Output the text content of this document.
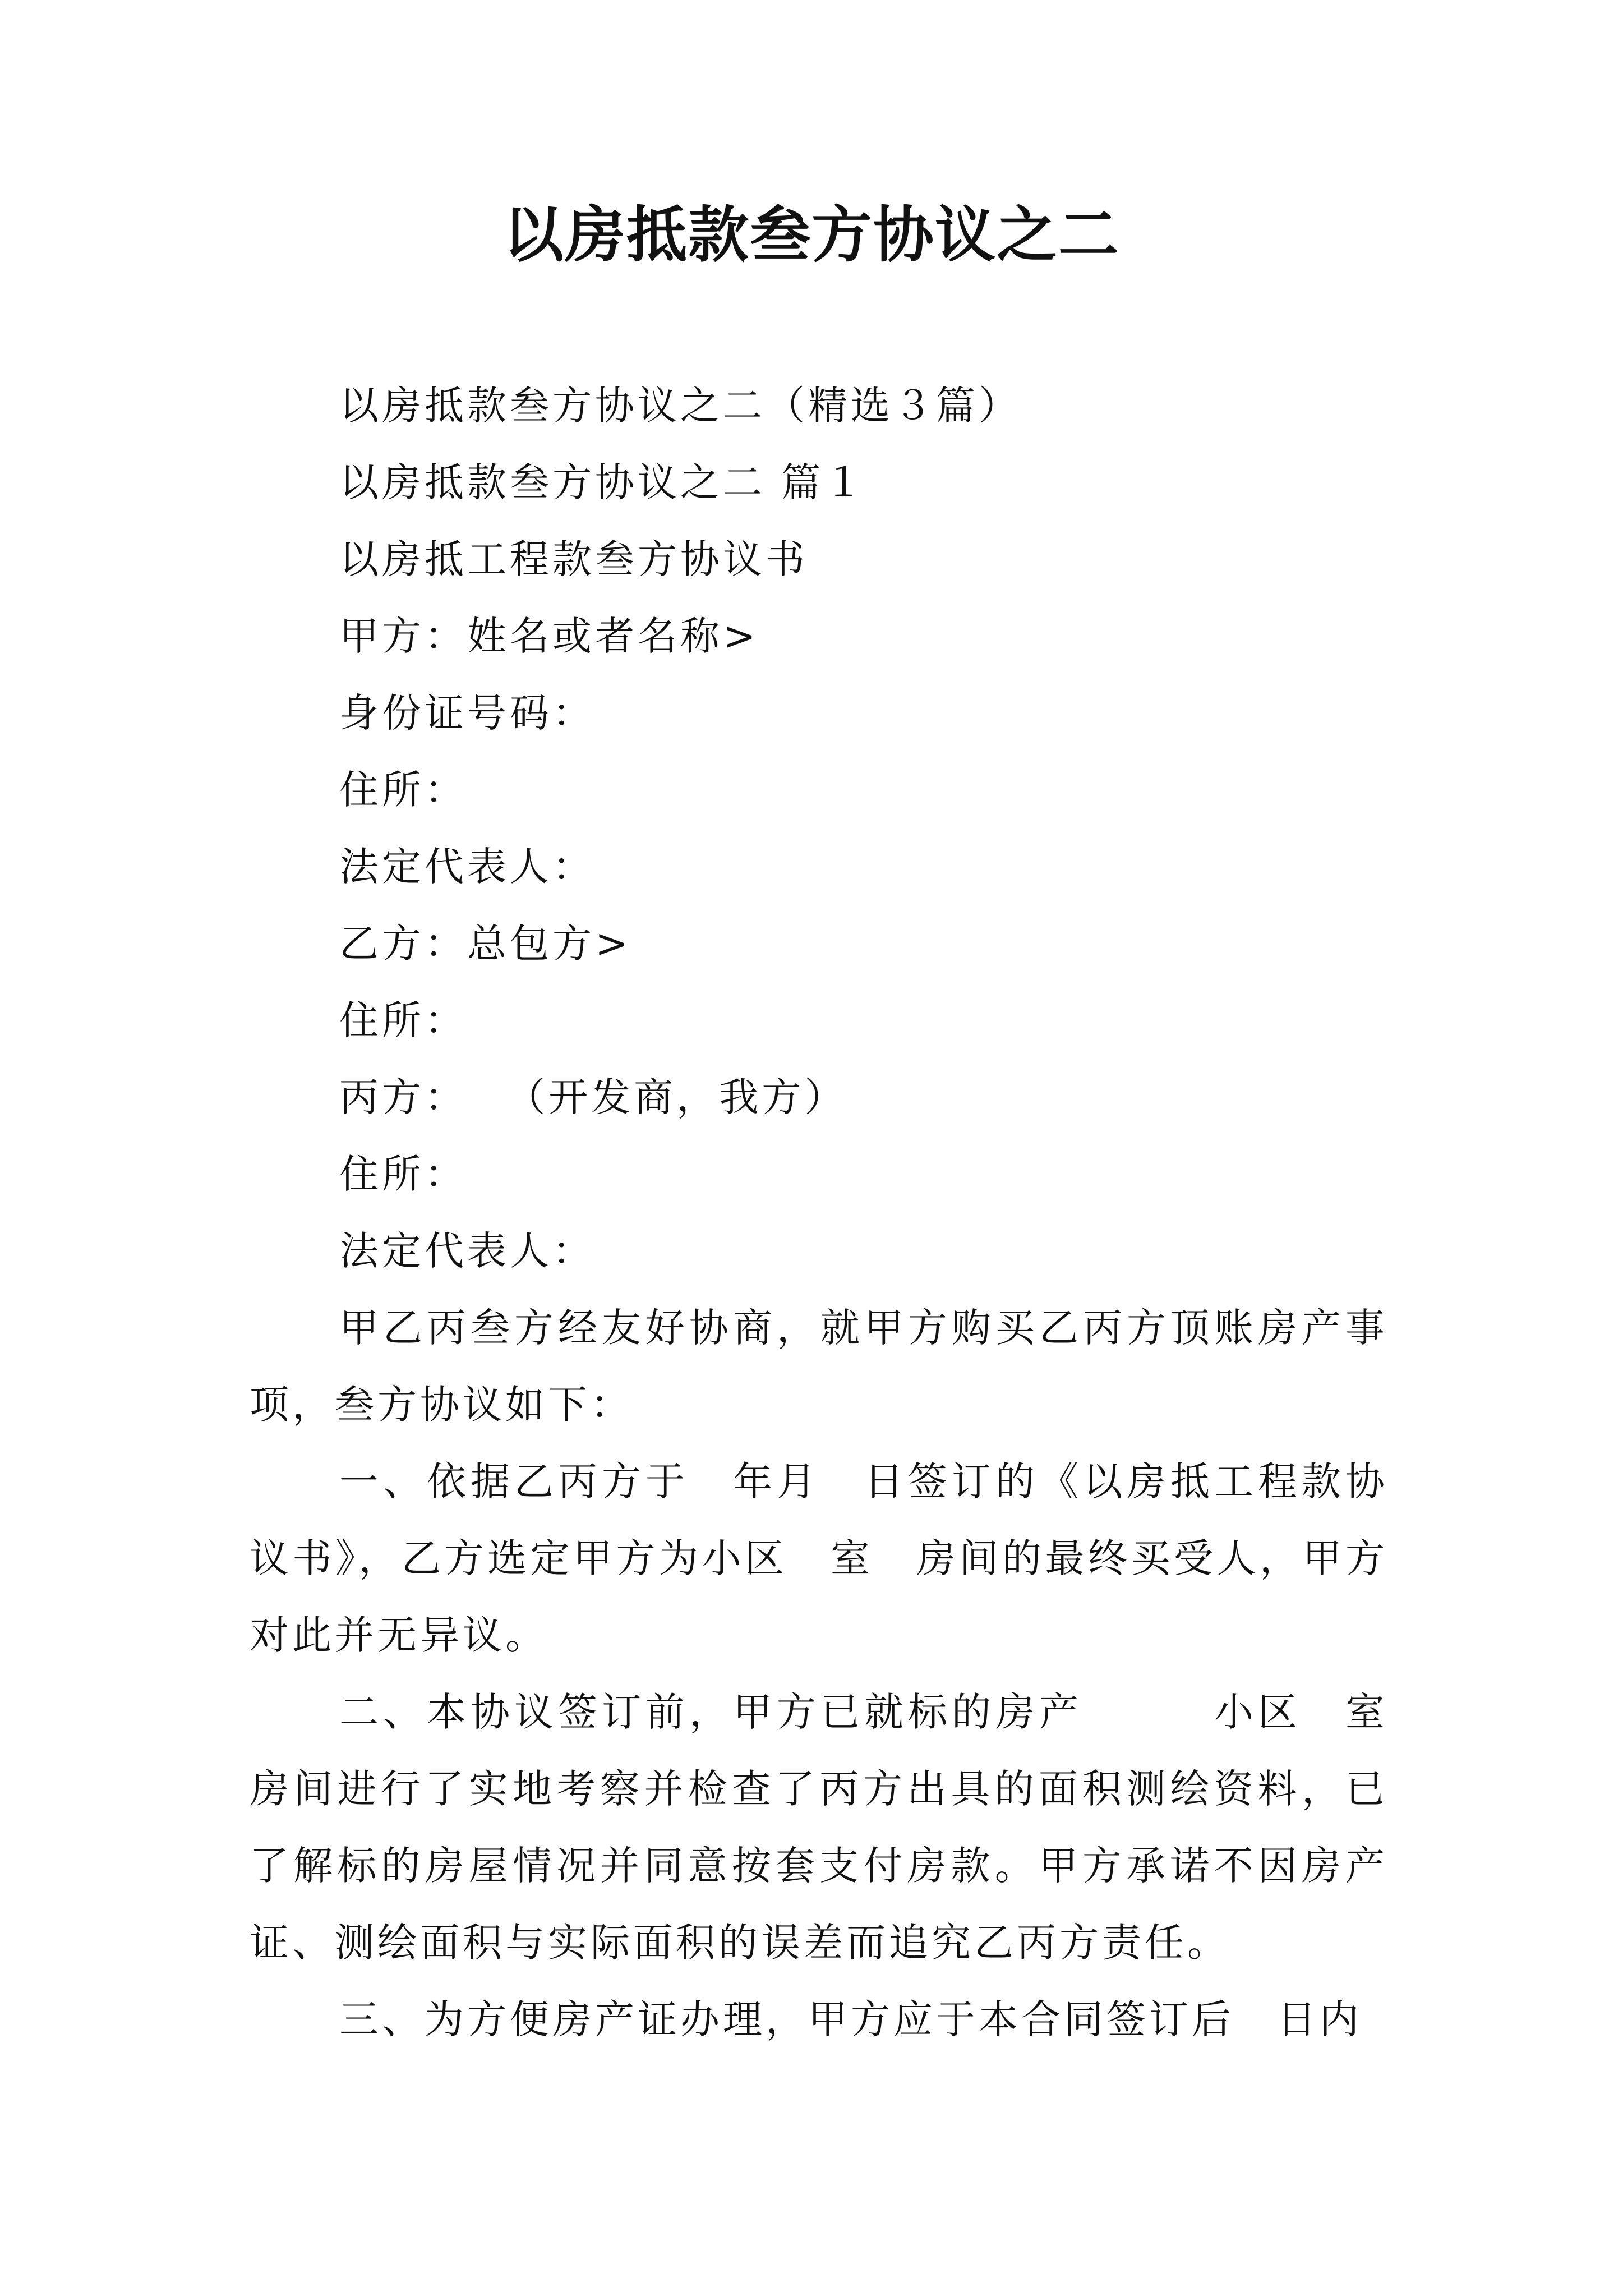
以房抵款叁方协议之二

以房抵款叁方协议之二（精选３篇）

以房抵款叁方协议之二 篇１

以房抵工程款叁方协议书

甲方：姓名或者名称>

身份证号码：

住所：

法定代表人：

乙方：总包方>

住所：

丙方：　 （开发商，我方）

住所：

法定代表人：

甲乙丙叁方经友好协商，就甲方购买乙丙方顶账房产事项，叁方协议如下：

一、依据乙丙方于　年月　日签订的《以房抵工程款协议书》，乙方选定甲方为小区　室　房间的最终买受人，甲方对此并无异议。

二、本协议签订前，甲方已就标的房产　　　小区　室　房间进行了实地考察并检查了丙方出具的面积测绘资料，已了解标的房屋情况并同意按套支付房款。甲方承诺不因房产证、测绘面积与实际面积的误差而追究乙丙方责任。

三、为方便房产证办理，甲方应于本合同签订后　日内
